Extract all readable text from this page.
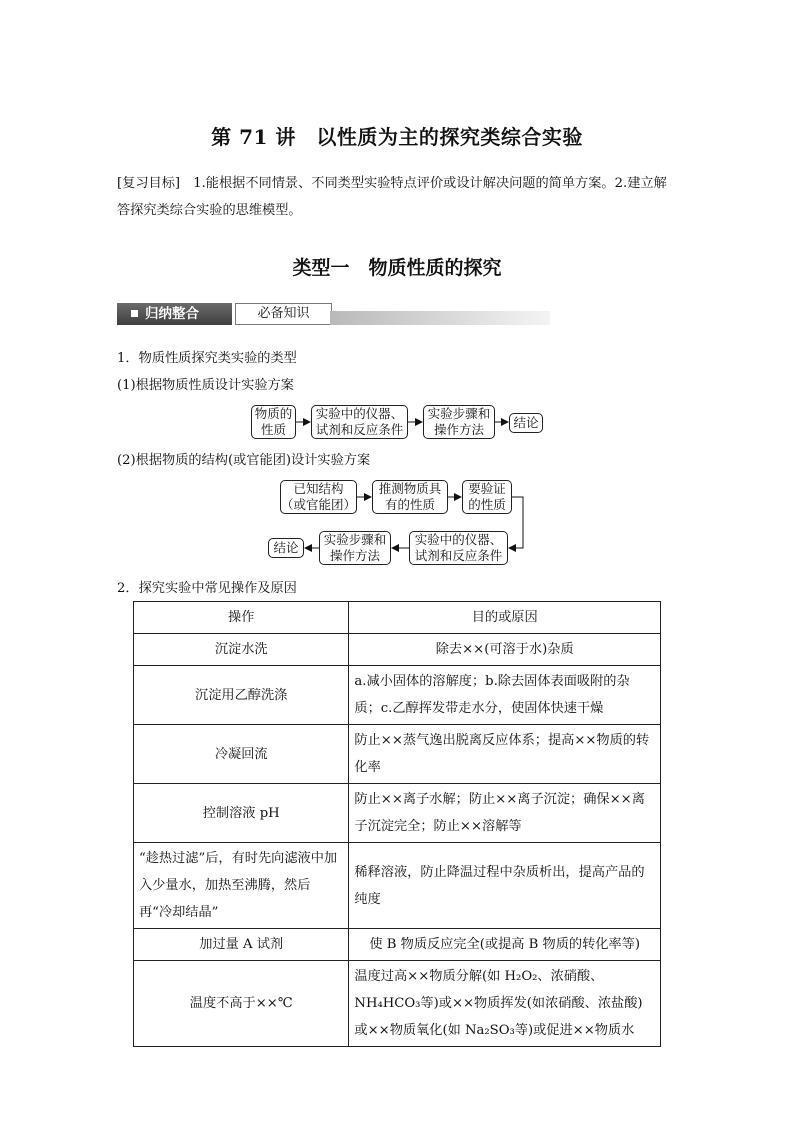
第 71 讲　以性质为主的探究类综合实验
[复习目标]　1.能根据不同情景、不同类型实验特点评价或设计解决问题的简单方案。2.建立解答探究类综合实验的思维模型。
类型一　物质性质的探究
归纳整合	必备知识
1．物质性质探究类实验的类型
(1)根据物质性质设计实验方案
物质的
性质
实验中的仪器、
试剂和反应条件
实验步骤和
操作方法	结论
(2)根据物质的结构(或官能团)设计实验方案
已知结构
（或官能团）
推测物质具
有的性质
要验证
的性质
实验中的仪器、
试剂和反应条件
实验步骤和
操作方法
结论
2．探究实验中常见操作及原因
操作	目的或原因
沉淀水洗	除去××(可溶于水)杂质
沉淀用乙醇洗涤	a.减小固体的溶解度；b.除去固体表面吸附的杂质；c.乙醇挥发带走水分，使固体快速干燥
冷凝回流	防止××蒸气逸出脱离反应体系；提高××物质的转化率
控制溶液 pH	防止××离子水解；防止××离子沉淀；确保××离子沉淀完全；防止××溶解等
“趁热过滤”后，有时先向滤液中加入少量水，加热至沸腾，然后再“冷却结晶”	稀释溶液，防止降温过程中杂质析出，提高产品的纯度
加过量 A 试剂	使 B 物质反应完全(或提高 B 物质的转化率等)
温度不高于××℃	温度过高××物质分解(如 H₂O₂、浓硝酸、NH₄HCO₃等)或××物质挥发(如浓硝酸、浓盐酸)或××物质氧化(如 Na₂SO₃等)或促进××物质水
